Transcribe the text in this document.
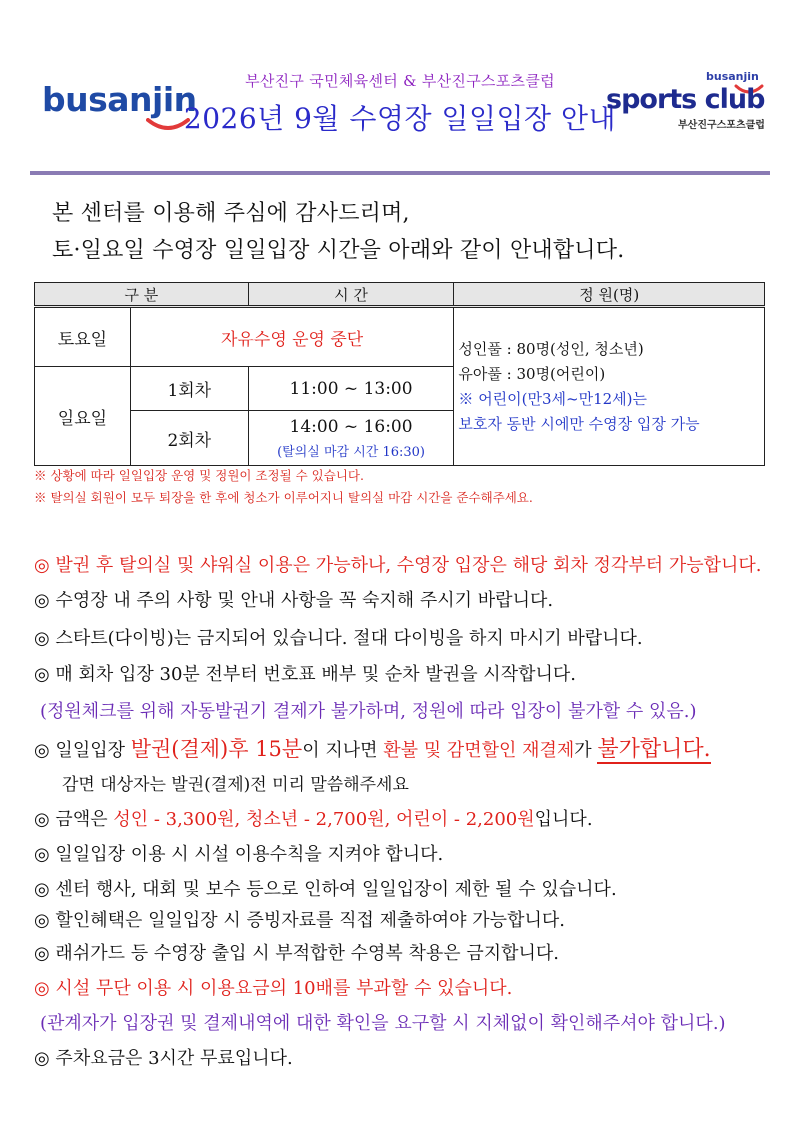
busanjin	부산진구 국민체육센터 & 부산진구스포츠클럽
2026년 9월 수영장 일일입장 안내
busanjin
sports club
부산진구스포츠클럽
본 센터를 이용해 주심에 감사드리며,
토·일요일 수영장 일일입장 시간을 아래와 같이 안내합니다.
구 분		시 간	정 원(명)
토요일	자유수영 운영 중단		성인풀 : 80명(성인, 청소년)
유아풀 : 30명(어린이)
※ 어린이(만3세~만12세)는
보호자 동반 시에만 수영장 입장 가능

일요일	1회차	11:00 ~ 13:00	
	2회차	14:00 ~ 16:00
(탈의실 마감 시간 16:30)	
※ 상황에 따라 일일입장 운영 및 정원이 조정될 수 있습니다.
※ 탈의실 회원이 모두 퇴장을 한 후에 청소가 이루어지니 탈의실 마감 시간을 준수해주세요.
◎ 발권 후 탈의실 및 샤워실 이용은 가능하나, 수영장 입장은 해당 회차 정각부터 가능합니다.
◎ 수영장 내 주의 사항 및 안내 사항을 꼭 숙지해 주시기 바랍니다.
◎ 스타트(다이빙)는 금지되어 있습니다. 절대 다이빙을 하지 마시기 바랍니다.
◎ 매 회차 입장 30분 전부터 번호표 배부 및 순차 발권을 시작합니다.
(정원체크를 위해 자동발권기 결제가 불가하며, 정원에 따라 입장이 불가할 수 있음.)
◎ 일일입장 발권(결제)후 15분이 지나면 환불 및 감면할인 재결제가 불가합니다.
감면 대상자는 발권(결제)전 미리 말씀해주세요
◎ 금액은 성인 - 3,300원, 청소년 - 2,700원, 어린이 - 2,200원입니다.
◎ 일일입장 이용 시 시설 이용수칙을 지켜야 합니다.
◎ 센터 행사, 대회 및 보수 등으로 인하여 일일입장이 제한 될 수 있습니다.
◎ 할인혜택은 일일입장 시 증빙자료를 직접 제출하여야 가능합니다.
◎ 래쉬가드 등 수영장 출입 시 부적합한 수영복 착용은 금지합니다.
◎ 시설 무단 이용 시 이용요금의 10배를 부과할 수 있습니다.
(관계자가 입장권 및 결제내역에 대한 확인을 요구할 시 지체없이 확인해주셔야 합니다.)
◎ 주차요금은 3시간 무료입니다.
